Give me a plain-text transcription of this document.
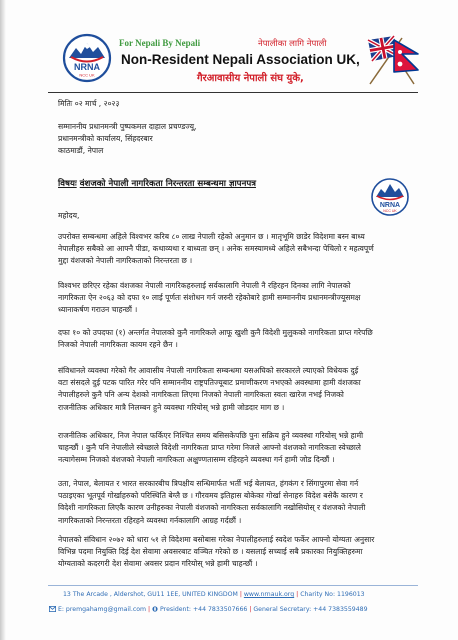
NRNA
NCC UK
For Nepali By Nepali	नेपालीका लागि नेपाली
Non-Resident Nepali Association UK,
गैरआवासीय नेपाली संघ युके,
मितिः ०२ मार्च , २०२३
सम्माननीय प्रधानमन्त्री पुष्पकमल दाहाल प्रचण्डज्यू,
प्रधानमन्त्रीको कार्यालय, सिंहदरबार
काठमाडौं, नेपाल
विषयः वंशजको नेपाली नागरिकता निरन्तरता सम्बन्धमा ज्ञापनपत्र
NRNA
NCC UK
महोदय,
उपरोक्त सम्बन्धमा अहिले विश्वभर करिब ८० लाख नेपाली रहेको अनुमान छ । मातृभूमि छाडेर विदेशमा बस्न बाध्य
नेपालीहरु सबैको आ आफ्नै पीडा, कथाव्यथा र बाध्यता छन् । अनेक समस्यामध्ये अहिले सबैभन्दा पेचिलो र महत्वपूर्ण
मुद्दा वंशजको नेपाली नागरिकताको निरन्तरता छ ।
विश्वभर छरिएर रहेका वंशजका नेपाली नागरिकहरुलाई सर्वकालागि नेपाली नै रहिरहन दिनका लागि नेपालको
नागरिकता ऐन २०६३ को दफा १० लाई पूर्णतः संशोधन गर्न जरुरी रहेकोबारे हामी सम्माननीय प्रधानमन्त्रीज्यूसमक्ष
ध्यानाकर्षण गराउन चाहन्छौं ।
दफा १० को उपदफा (१) अन्तर्गत नेपालको कुनै नागरिकले आफू खुशी कुनै विदेशी मुलुकको नागरिकता प्राप्त गरेपछि
निजको नेपाली नागरिकता कायम रहने छैन ।
संविधानले व्यवस्था गरेको गैर आवासीय नेपाली नागरिकता सम्बन्धमा यसअघिको सरकारले ल्याएको विधेयक दुई
वटा संसदले दुई पटक पारित गरेर पनि सम्माननीय राष्ट्रपतिज्यूबाट प्रमाणीकरण नभएको अवस्थामा हामी वंशजका
नेपालीहरुले कुनै पनि अन्य देशको नागरिकता लिएमा निजको नेपाली नागरिकता स्वतः खारेज नभई निजको
राजनीतिक अधिकार मात्रै निलम्बन हुने व्यवस्था गरियोस् भन्ने हामी जोडदार माग छ ।
राजनीतिक अधिकार, निज नेपाल फर्किएर निश्चित समय बसिसकेपछि पुनः सक्रिय हुने व्यवस्था गरियोस् भन्ने हामी
चाहन्छौं । कुनै पनि नेपालीले स्वेच्छाले विदेशी नागरिकता प्राप्त गरेमा निजले आफ्नो वंशजको नागरिकता स्वेच्छाले
नत्यागेसम्म निजको वंशजको नेपाली नागरिकता अक्षुण्णतासम्म रहिरहने व्यवस्था गर्न हामी जोड दिन्छौं ।
उता, नेपाल, बेलायत र भारत सरकारबीच त्रिपक्षीय सन्धिमार्फत भर्ती भई बेलायत, हंगकंग र सिंगापुरमा सेवा गर्न
पठाइएका भूतपूर्व गोर्खाहरुको परिस्थिति बेग्लै छ । गौरवमय इतिहास बोकेका गोर्खा सेनाहरु विदेश बसेकै कारण र
विदेशी नागरिकता लिएकै कारण उनीहरुका नेपाली वंशजको नागरिकता सर्वकालागि नखोसियोस् र वंशजको नेपाली
नागरिकताको निरन्तरता रहिरहने व्यवस्था गर्नकालागि आग्रह गर्दछौं ।
नेपालको संविधान २०७२ को धारा ५१ ले विदेशमा बसोबास गरेका नेपालीहरुलाई स्वदेश फर्केर आफ्नो योग्यता अनुसार
विभिन्न पदमा नियुक्ति दिई देश सेवामा अवसरबाट वञ्चित गरेको छ । यसलाई सच्याई सबै प्रकारका नियुक्तिहरुमा
योग्यताको कदरगरी देश सेवामा अवसर प्रदान गरियोस् भन्ने हामी चाहन्छौं ।
13 The Arcade , Aldershot, GU11 1EE, UNITED KINGDOM | www.nrnauk.org | Charity No: 1196013
E: premgahamg@gmail.com | President: +44 7833507666 | General Secretary: +44 7383559489
